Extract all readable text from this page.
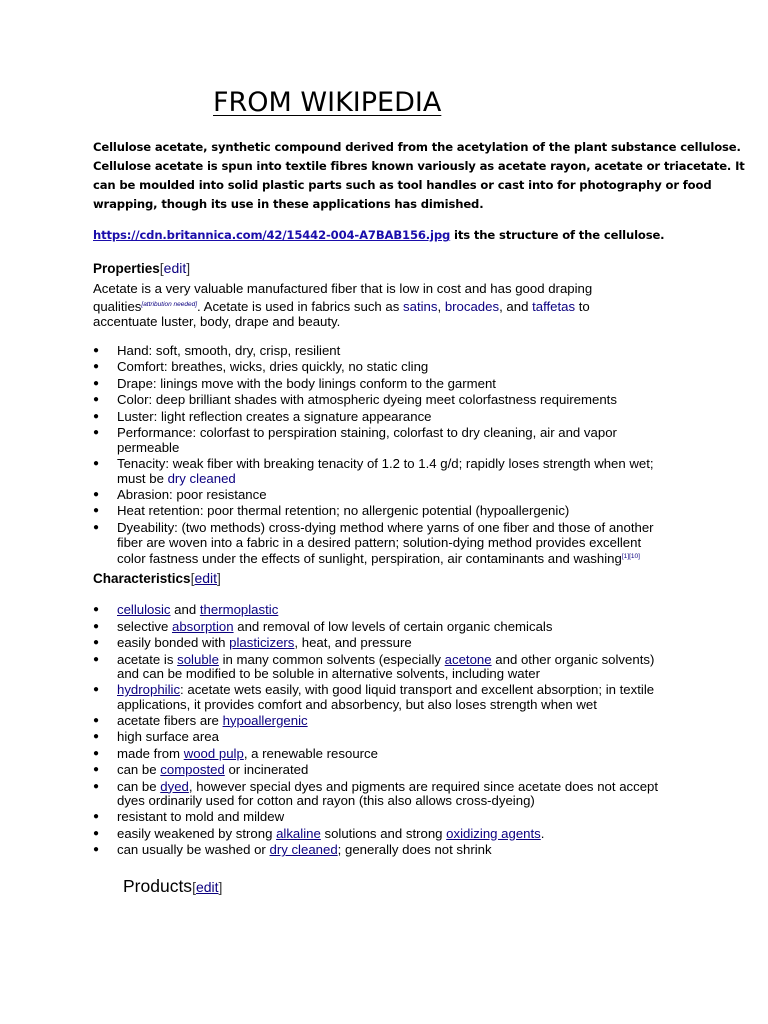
FROM WIKIPEDIA

Cellulose acetate, synthetic compound derived from the acetylation of the plant substance cellulose.

Cellulose acetate is spun into textile fibres known variously as acetate rayon, acetate or triacetate. It

can be moulded into solid plastic parts such as tool handles or cast into for photography or food

wrapping, though its use in these applications has dimished.

https://cdn.britannica.com/42/15442-004-A7BAB156.jpg its the structure of the cellulose.
Properties[edit]

Acetate is a very valuable manufactured fiber that is low in cost and has good draping

qualities[attribution needed]. Acetate is used in fabrics such as satins, brocades, and taffetas to

accentuate luster, body, drape and beauty.

● Hand: soft, smooth, dry, crisp, resilient
● Comfort: breathes, wicks, dries quickly, no static cling
● Drape: linings move with the body linings conform to the garment
● Color: deep brilliant shades with atmospheric dyeing meet colorfastness requirements
● Luster: light reflection creates a signature appearance
● Performance: colorfast to perspiration staining, colorfast to dry cleaning, air and vapor
permeable
● Tenacity: weak fiber with breaking tenacity of 1.2 to 1.4 g/d; rapidly loses strength when wet;
must be dry cleaned
● Abrasion: poor resistance
● Heat retention: poor thermal retention; no allergenic potential (hypoallergenic)
● Dyeability: (two methods) cross-dying method where yarns of one fiber and those of another
fiber are woven into a fabric in a desired pattern; solution-dying method provides excellent
color fastness under the effects of sunlight, perspiration, air contaminants and washing[1][10]
Characteristics[edit]
● cellulosic and thermoplastic
● selective absorption and removal of low levels of certain organic chemicals
● easily bonded with plasticizers, heat, and pressure
● acetate is soluble in many common solvents (especially acetone and other organic solvents)
and can be modified to be soluble in alternative solvents, including water
● hydrophilic: acetate wets easily, with good liquid transport and excellent absorption; in textile
applications, it provides comfort and absorbency, but also loses strength when wet
● acetate fibers are hypoallergenic
● high surface area
● made from wood pulp, a renewable resource
● can be composted or incinerated
● can be dyed, however special dyes and pigments are required since acetate does not accept
dyes ordinarily used for cotton and rayon (this also allows cross-dyeing)
● resistant to mold and mildew
● easily weakened by strong alkaline solutions and strong oxidizing agents.
● can usually be washed or dry cleaned; generally does not shrink
Products[edit]
